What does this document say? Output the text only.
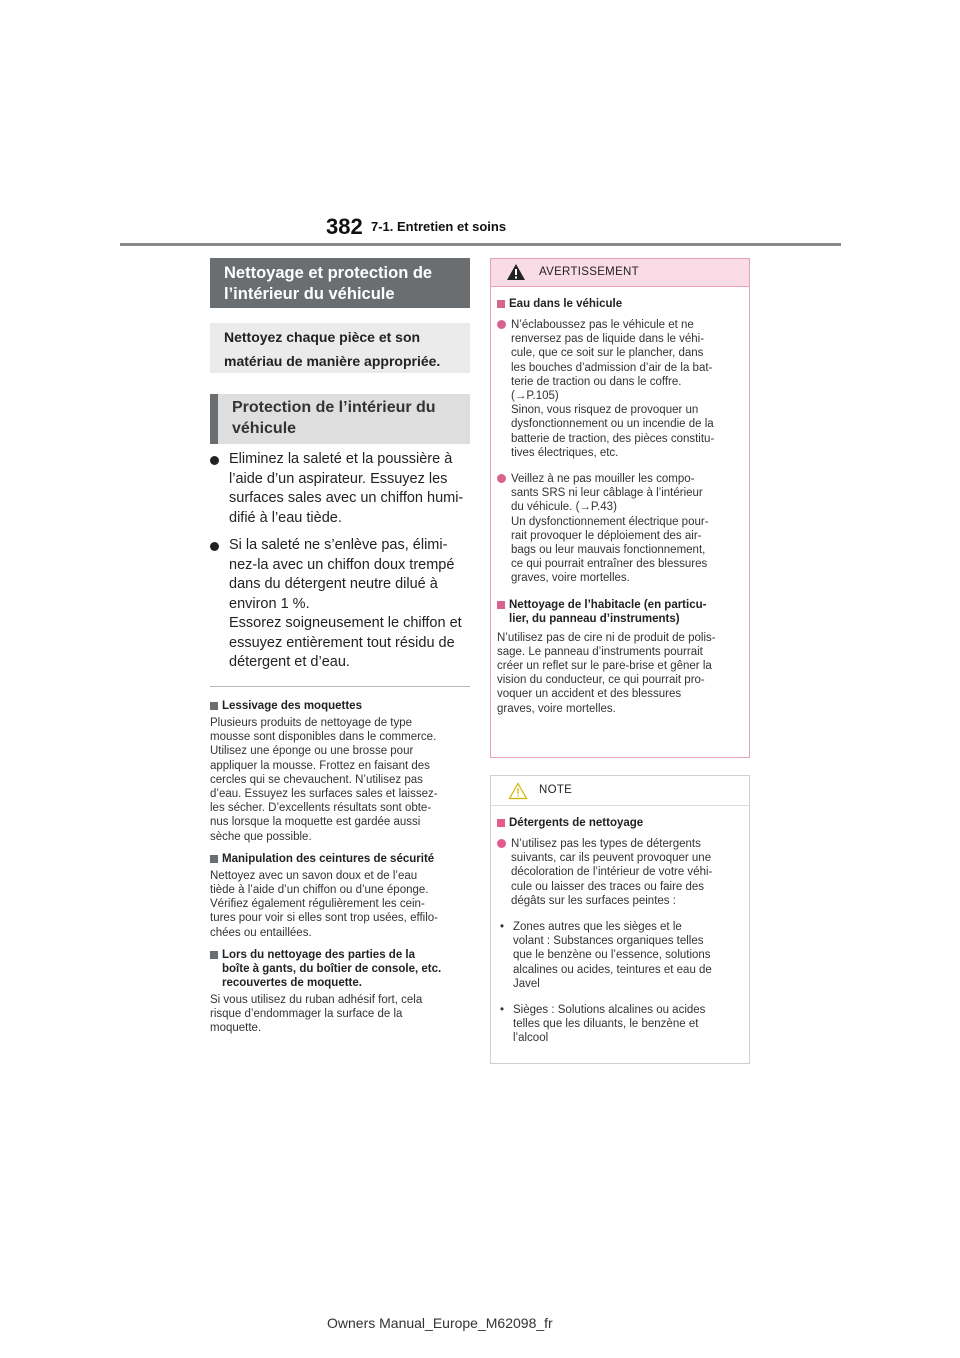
382 7-1. Entretien et soins
Nettoyage et protection de
l’intérieur du véhicule
Nettoyez chaque pièce et son
matériau de manière appropriée.
Protection de l’intérieur du
véhicule
Eliminez la saleté et la poussière à
l’aide d’un aspirateur. Essuyez les
surfaces sales avec un chiffon humi-
difié à l’eau tiède.
Si la saleté ne s’enlève pas, élimi-
nez-la avec un chiffon doux trempé
dans du détergent neutre dilué à
environ 1 %.
Essorez soigneusement le chiffon et
essuyez entièrement tout résidu de
détergent et d’eau.
Lessivage des moquettes
Plusieurs produits de nettoyage de type
mousse sont disponibles dans le commerce.
Utilisez une éponge ou une brosse pour
appliquer la mousse. Frottez en faisant des
cercles qui se chevauchent. N’utilisez pas
d’eau. Essuyez les surfaces sales et laissez-
les sécher. D’excellents résultats sont obte-
nus lorsque la moquette est gardée aussi
sèche que possible.
Manipulation des ceintures de sécurité
Nettoyez avec un savon doux et de l’eau
tiède à l’aide d’un chiffon ou d’une éponge.
Vérifiez également régulièrement les cein-
tures pour voir si elles sont trop usées, effilo-
chées ou entaillées.
Lors du nettoyage des parties de la
boîte à gants, du boîtier de console, etc.
recouvertes de moquette.
Si vous utilisez du ruban adhésif fort, cela
risque d’endommager la surface de la
moquette.
AVERTISSEMENT
Eau dans le véhicule
N’éclaboussez pas le véhicule et ne
renversez pas de liquide dans le véhi-
cule, que ce soit sur le plancher, dans
les bouches d’admission d’air de la bat-
terie de traction ou dans le coffre.
(→P.105)
Sinon, vous risquez de provoquer un
dysfonctionnement ou un incendie de la
batterie de traction, des pièces constitu-
tives électriques, etc.
Veillez à ne pas mouiller les compo-
sants SRS ni leur câblage à l’intérieur
du véhicule. (→P.43)
Un dysfonctionnement électrique pour-
rait provoquer le déploiement des air-
bags ou leur mauvais fonctionnement,
ce qui pourrait entraîner des blessures
graves, voire mortelles.
Nettoyage de l’habitacle (en particu-
lier, du panneau d’instruments)
N’utilisez pas de cire ni de produit de polis-
sage. Le panneau d’instruments pourrait
créer un reflet sur le pare-brise et gêner la
vision du conducteur, ce qui pourrait pro-
voquer un accident et des blessures
graves, voire mortelles.
NOTE
Détergents de nettoyage
N’utilisez pas les types de détergents
suivants, car ils peuvent provoquer une
décoloration de l’intérieur de votre véhi-
cule ou laisser des traces ou faire des
dégâts sur les surfaces peintes :
• Zones autres que les sièges et le
volant : Substances organiques telles
que le benzène ou l’essence, solutions
alcalines ou acides, teintures et eau de
Javel
• Sièges : Solutions alcalines ou acides
telles que les diluants, le benzène et
l’alcool
Owners Manual_Europe_M62098_fr
